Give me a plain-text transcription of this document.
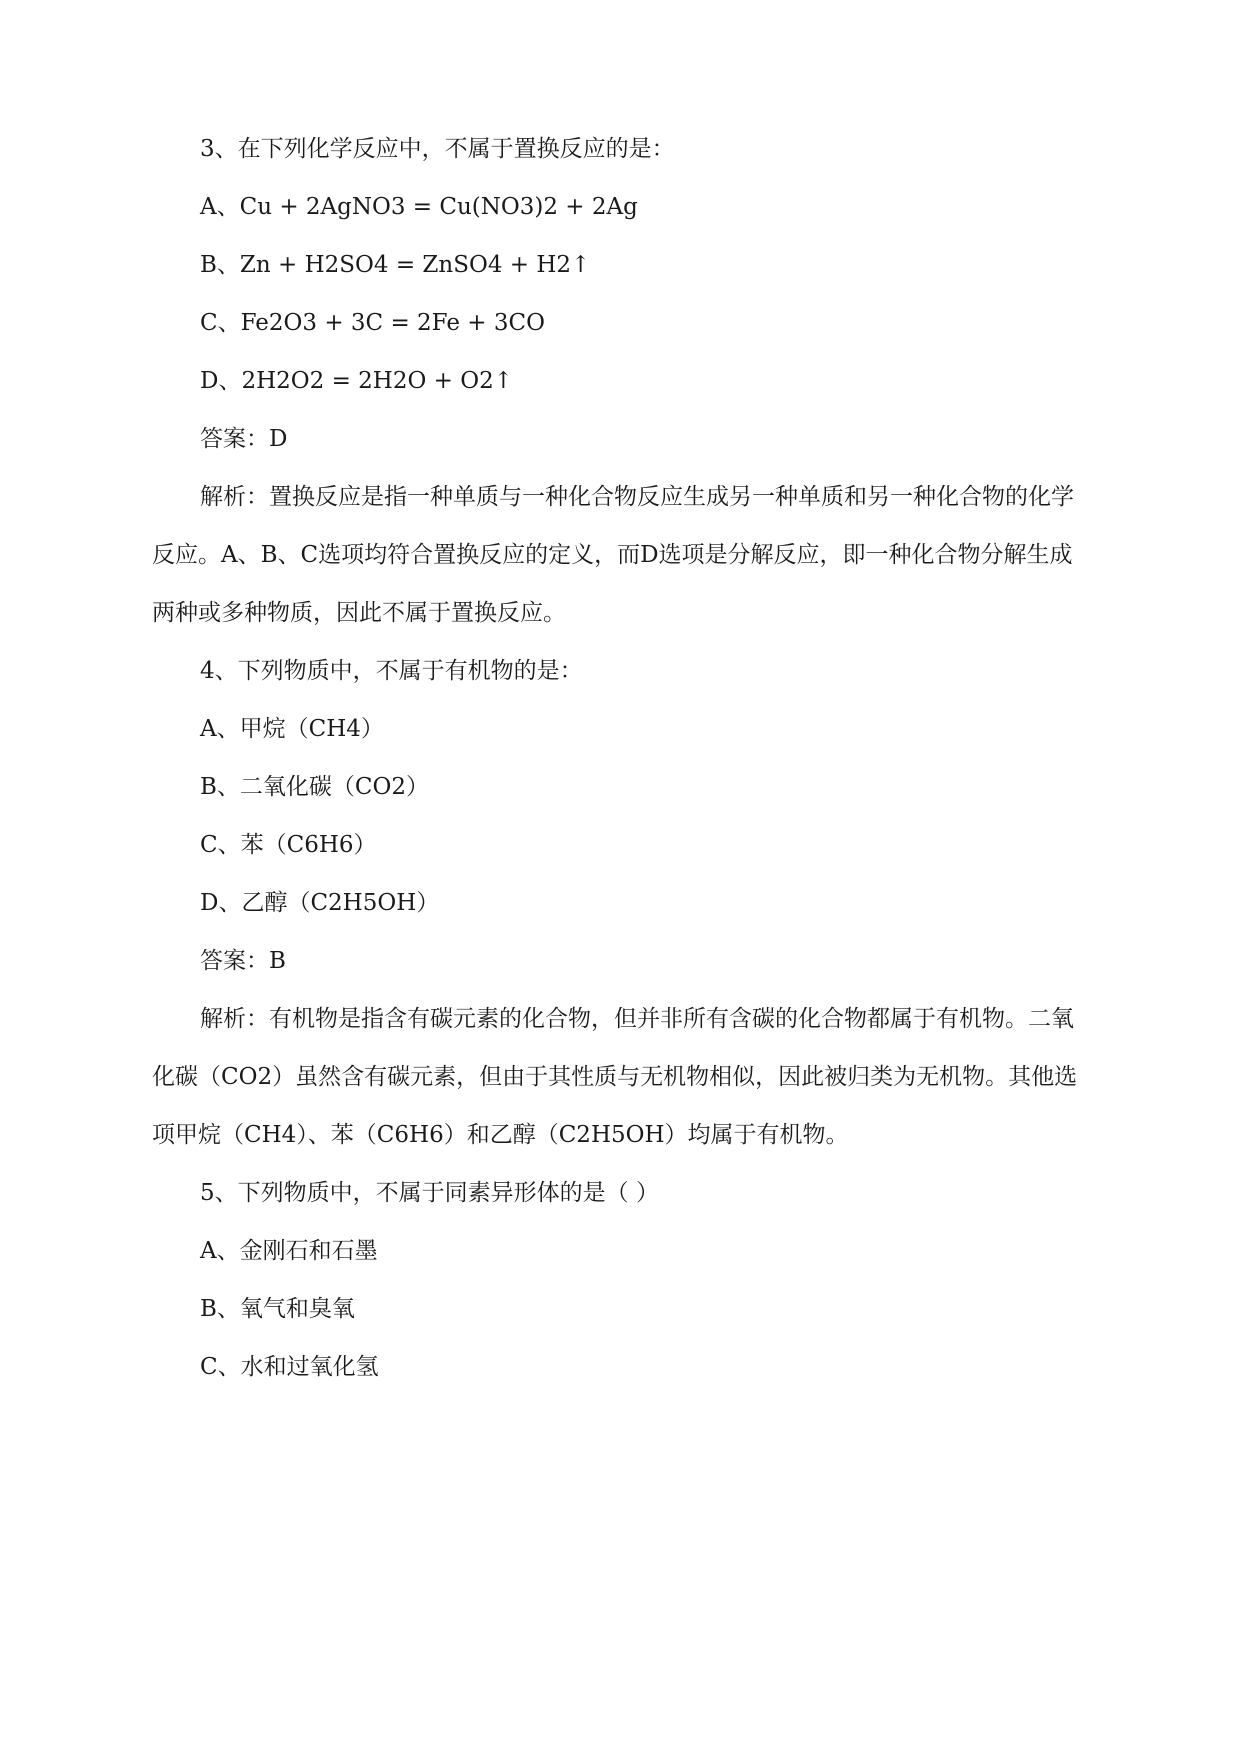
3、在下列化学反应中，不属于置换反应的是：
A、Cu + 2AgNO3 = Cu(NO3)2 + 2Ag
B、Zn + H2SO4 = ZnSO4 + H2↑
C、Fe2O3 + 3C = 2Fe + 3CO
D、2H2O2 = 2H2O + O2↑
答案：D
解析：置换反应是指一种单质与一种化合物反应生成另一种单质和另一种化合物的化学反应。A、B、C选项均符合置换反应的定义，而D选项是分解反应，即一种化合物分解生成两种或多种物质，因此不属于置换反应。
4、下列物质中，不属于有机物的是：
A、甲烷（CH4）
B、二氧化碳（CO2）
C、苯（C6H6）
D、乙醇（C2H5OH）
答案：B
解析：有机物是指含有碳元素的化合物，但并非所有含碳的化合物都属于有机物。二氧化碳（CO2）虽然含有碳元素，但由于其性质与无机物相似，因此被归类为无机物。其他选项甲烷（CH4）、苯（C6H6）和乙醇（C2H5OH）均属于有机物。
5、下列物质中，不属于同素异形体的是（ ）
A、金刚石和石墨
B、氧气和臭氧
C、水和过氧化氢
